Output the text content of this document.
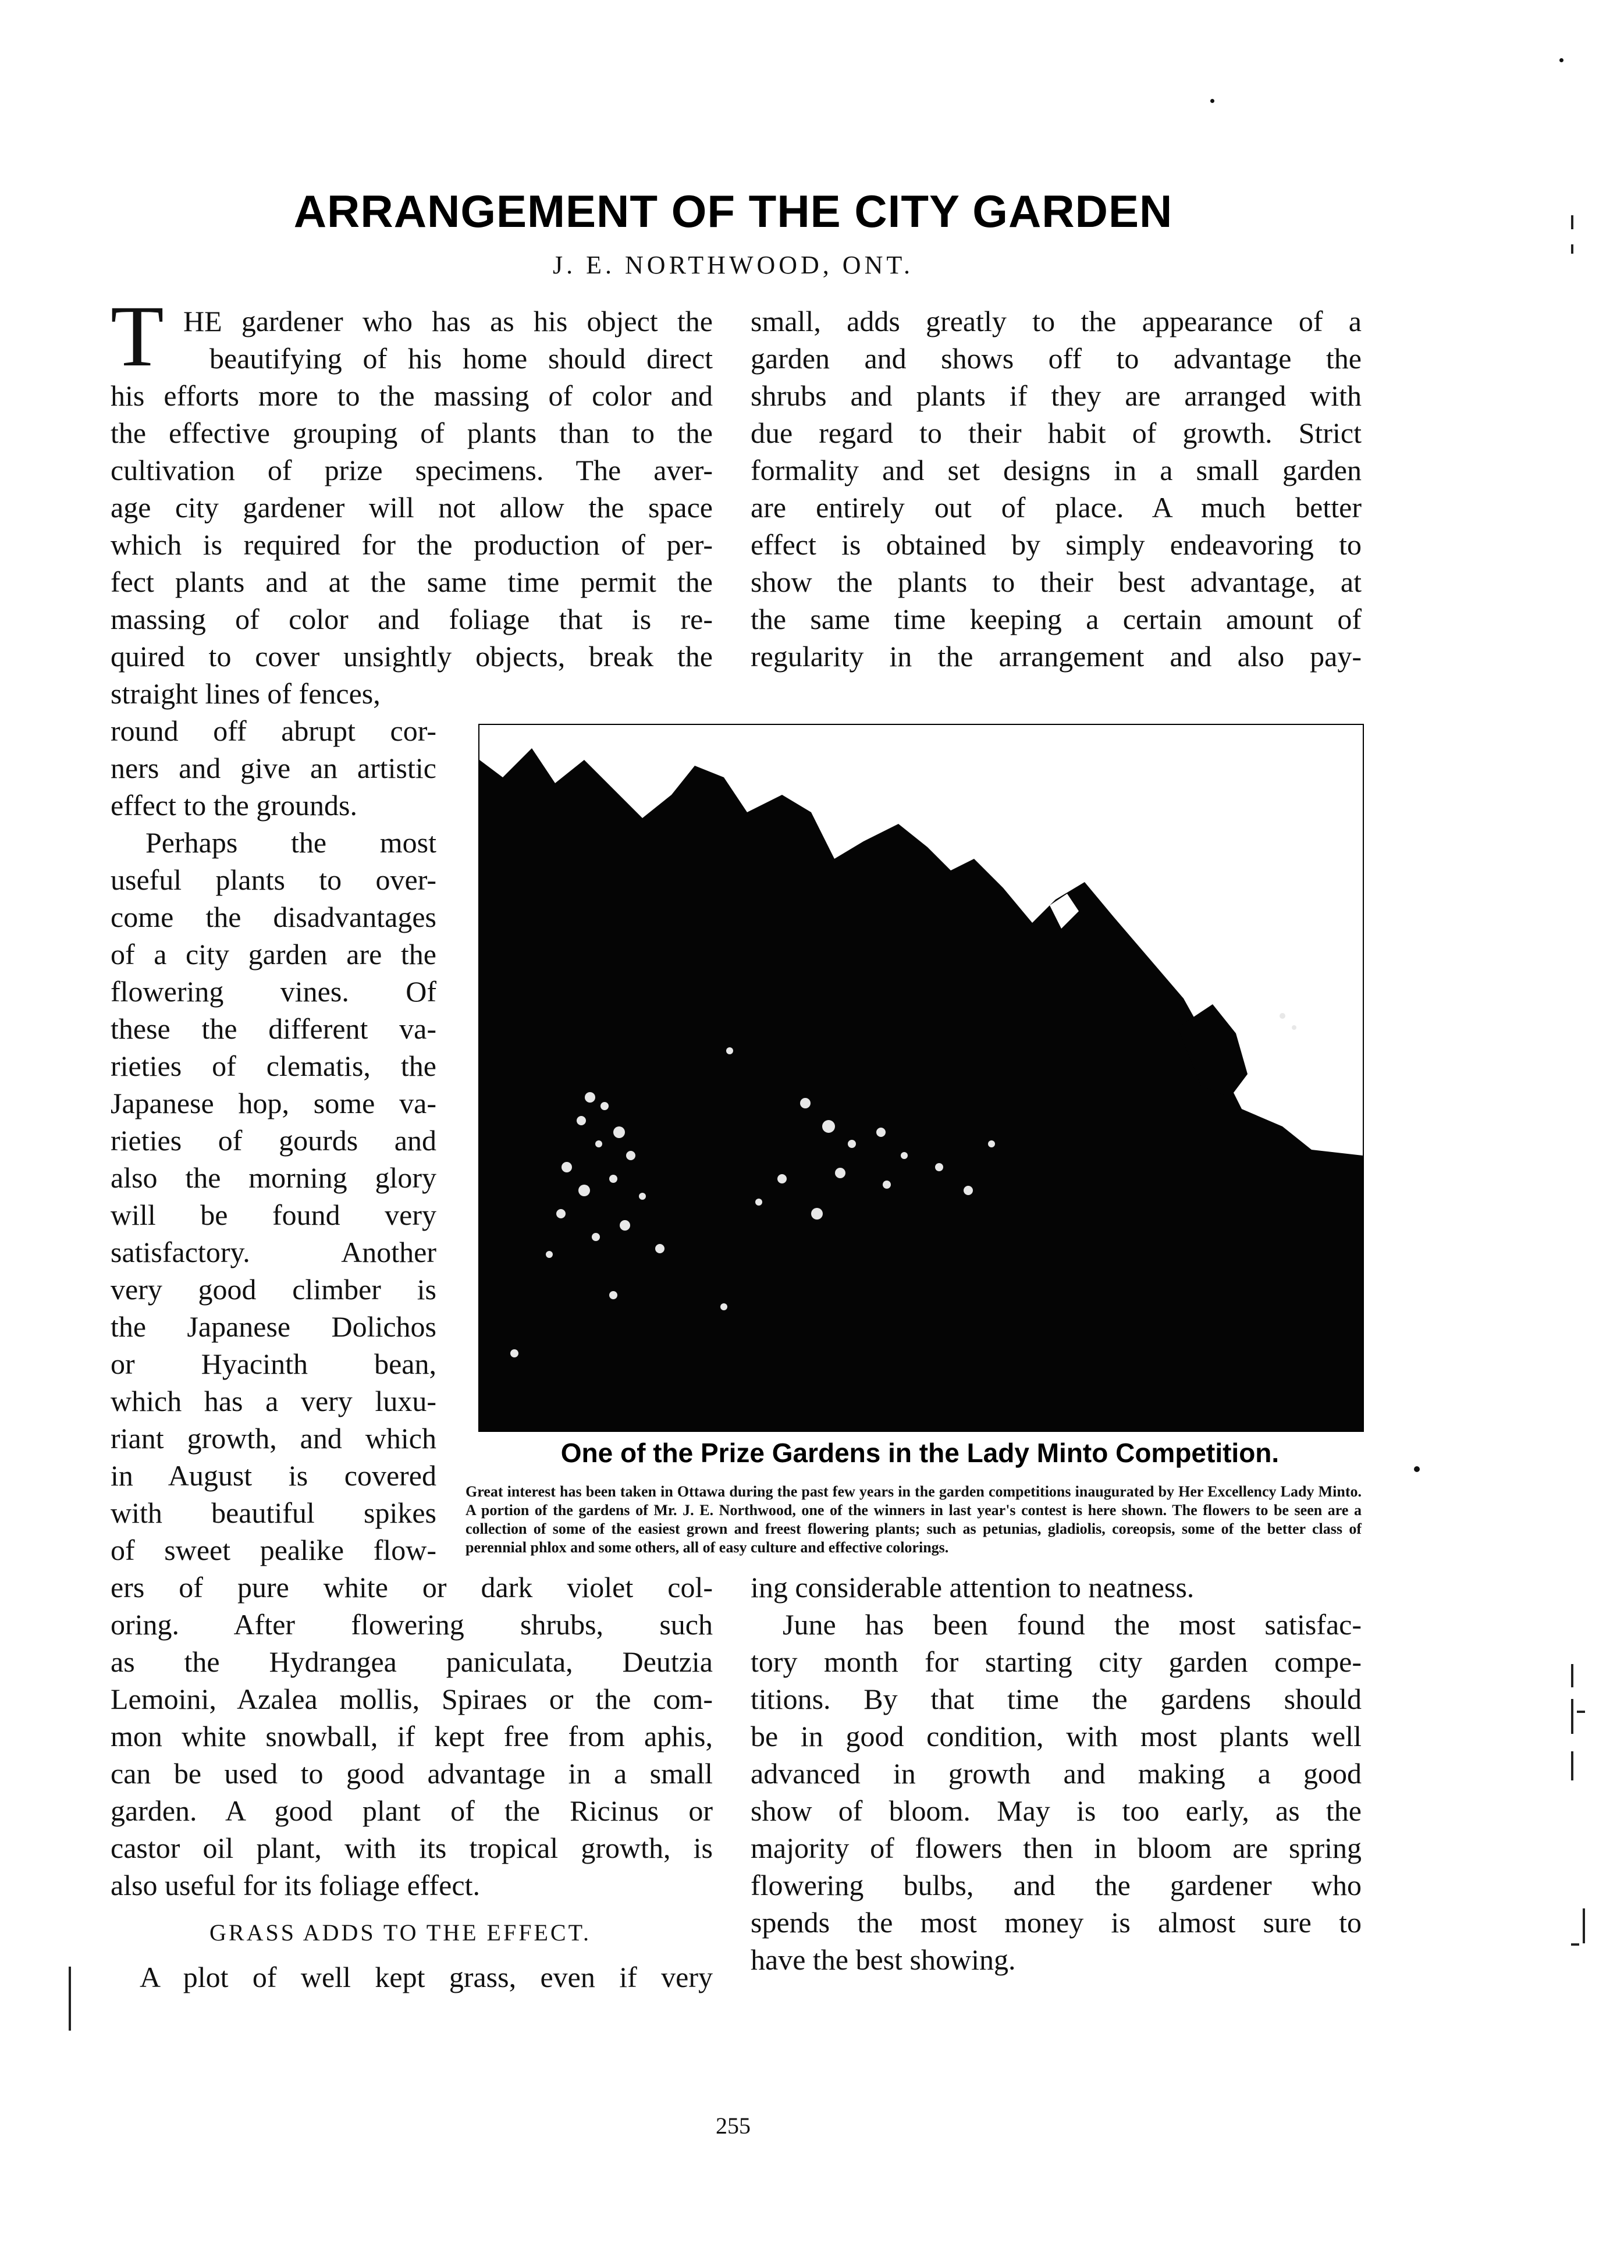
ARRANGEMENT OF THE CITY GARDEN
J. E. NORTHWOOD, ONT.
T HE gardener who has as his object the
beautifying of his home should direct
his efforts more to the massing of color and
the effective grouping of plants than to the
cultivation of prize specimens. The aver-
age city gardener will not allow the space
which is required for the production of per-
fect plants and at the same time permit the
massing of color and foliage that is re-
quired to cover unsightly objects, break the
straight lines of fences,
round off abrupt cor-
ners and give an artistic
effect to the grounds.
Perhaps the most
useful plants to over-
come the disadvantages
of a city garden are the
flowering vines. Of
these the different va-
rieties of clematis, the
Japanese hop, some va-
rieties of gourds and
also the morning glory
will be found very
satisfactory. Another
very good climber is
the Japanese Dolichos
or Hyacinth bean,
which has a very luxu-
riant growth, and which
in August is covered
with beautiful spikes
of sweet pealike flow-
ers of pure white or dark violet col-
oring. After flowering shrubs, such
as the Hydrangea paniculata, Deutzia
Lemoini, Azalea mollis, Spiraes or the com-
mon white snowball, if kept free from aphis,
can be used to good advantage in a small
garden. A good plant of the Ricinus or
castor oil plant, with its tropical growth, is
also useful for its foliage effect.
GRASS ADDS TO THE EFFECT.
A plot of well kept grass, even if very
small, adds greatly to the appearance of a
garden and shows off to advantage the
shrubs and plants if they are arranged with
due regard to their habit of growth. Strict
formality and set designs in a small garden
are entirely out of place. A much better
effect is obtained by simply endeavoring to
show the plants to their best advantage, at
the same time keeping a certain amount of
regularity in the arrangement and also pay-
One of the Prize Gardens in the Lady Minto Competition.
Great interest has been taken in Ottawa during the past few years in the garden competitions inaugurated by Her Excellency Lady Minto. A portion of the gardens of Mr. J. E. Northwood, one of the winners in last year's contest is here shown. The flowers to be seen are a collection of some of the easiest grown and freest flowering plants; such as petunias, gladiolis, coreopsis, some of the better class of perennial phlox and some others, all of easy culture and effective colorings.
ing considerable attention to neatness.
June has been found the most satisfac-
tory month for starting city garden compe-
titions. By that time the gardens should
be in good condition, with most plants well
advanced in growth and making a good
show of bloom. May is too early, as the
majority of flowers then in bloom are spring
flowering bulbs, and the gardener who
spends the most money is almost sure to
have the best showing.
255
